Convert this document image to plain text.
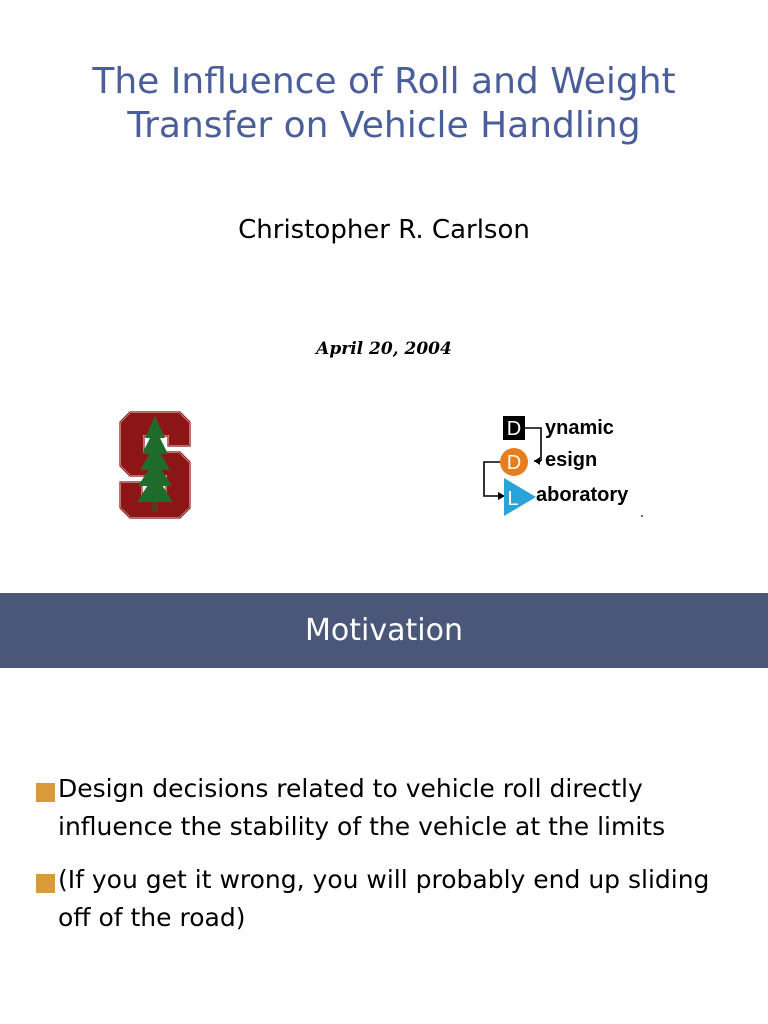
The Influence of Roll and Weight
Transfer on Vehicle Handling
Christopher R. Carlson
April 20, 2004
D
D
L
ynamic
esign
aboratory
Motivation
Design decisions related to vehicle roll directly influence the stability of the vehicle at the limits
(If you get it wrong, you will probably end up sliding off of the road)
